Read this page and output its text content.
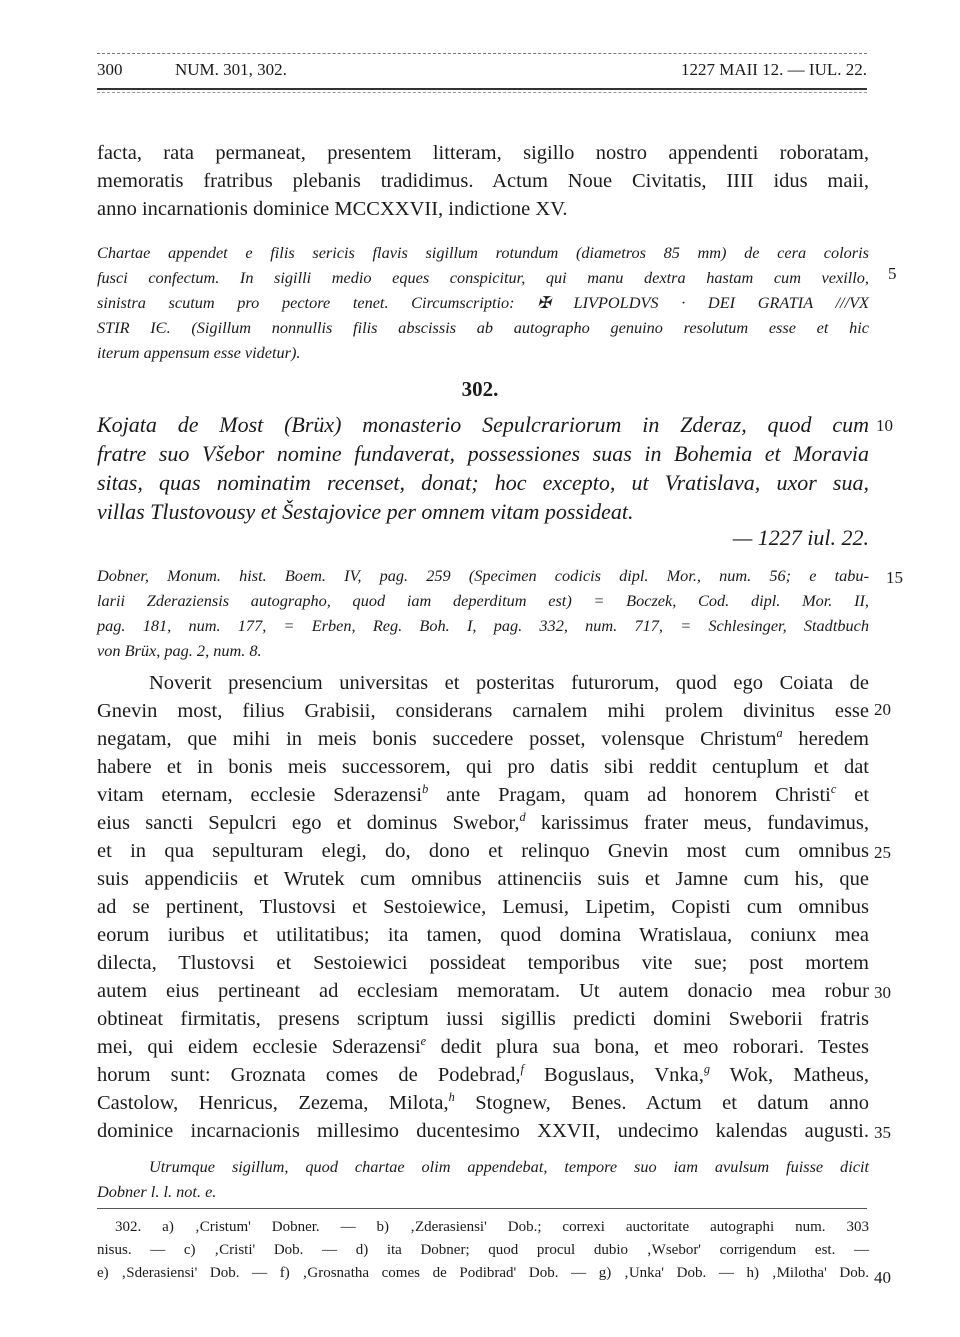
300	NUM. 301, 302.	1227 MAII 12. — IUL. 22.
facta, rata permaneat, presentem litteram, sigillo nostro appendenti roboratam,
memoratis fratribus plebanis tradidimus. Actum Noue Civitatis, IIII idus maii,
anno incarnationis dominice MCCXXVII, indictione XV.
Chartae appendet e filis sericis flavis sigillum rotundum (diametros 85 mm) de cera coloris
fusci confectum. In sigilli medio eques conspicitur, qui manu dextra hastam cum vexillo,
sinistra scutum pro pectore tenet. Circumscriptio: ✠ LIVPOLDVS · DEI GRATIA ///VX
STIR IЄ. (Sigillum nonnullis filis abscissis ab autographo genuino resolutum esse et hic
iterum appensum esse videtur).
302.
Kojata de Most (Brüx) monasterio Sepulcrariorum in Zderaz, quod cum
fratre suo Všebor nomine fundaverat, possessiones suas in Bohemia et Moravia
sitas, quas nominatim recenset, donat; hoc excepto, ut Vratislava, uxor sua,
villas Tlustovousy et Šestajovice per omnem vitam possideat.
— 1227 iul. 22.
Dobner, Monum. hist. Boem. IV, pag. 259 (Specimen codicis dipl. Mor., num. 56; e tabu-
larii Zderaziensis autographo, quod iam deperditum est) = Boczek, Cod. dipl. Mor. II,
pag. 181, num. 177, = Erben, Reg. Boh. I, pag. 332, num. 717, = Schlesinger, Stadtbuch
von Brüx, pag. 2, num. 8.
Noverit presencium universitas et posteritas futurorum, quod ego Coiata de
Gnevin most, filius Grabisii, considerans carnalem mihi prolem divinitus esse
negatam, que mihi in meis bonis succedere posset, volensque Christum$^a$ heredem
habere et in bonis meis successorem, qui pro datis sibi reddit centuplum et dat
vitam eternam, ecclesie Sderazensi$^b$ ante Pragam, quam ad honorem Christi$^c$ et
eius sancti Sepulcri ego et dominus Swebor,$^d$ karissimus frater meus, fundavimus,
et in qua sepulturam elegi, do, dono et relinquo Gnevin most cum omnibus
suis appendiciis et Wrutek cum omnibus attinenciis suis et Jamne cum his, que
ad se pertinent, Tlustovsi et Sestoiewice, Lemusi, Lipetim, Copisti cum omnibus
eorum iuribus et utilitatibus; ita tamen, quod domina Wratislaua, coniunx mea
dilecta, Tlustovsi et Sestoiewici possideat temporibus vite sue; post mortem
autem eius pertineant ad ecclesiam memoratam. Ut autem donacio mea robur
obtineat firmitatis, presens scriptum iussi sigillis predicti domini Sweborii fratris
mei, qui eidem ecclesie Sderazensi$^e$ dedit plura sua bona, et meo roborari. Testes
horum sunt: Groznata comes de Podebrad,$^f$ Boguslaus, Vnka,$^g$ Wok, Matheus,
Castolow, Henricus, Zezema, Milota,$^h$ Stognew, Benes. Actum et datum anno
dominice incarnacionis millesimo ducentesimo XXVII, undecimo kalendas augusti.
Utrumque sigillum, quod chartae olim appendebat, tempore suo iam avulsum fuisse dicit
Dobner l. l. not. e.
302. a) ‚Cristum' Dobner. — b) ‚Zderasiensi' Dob.; correxi auctoritate autographi num. 303
nisus. — c) ‚Cristi' Dob. — d) ita Dobner; quod procul dubio ‚Wsebor' corrigendum est. —
e) ‚Sderasiensi' Dob. — f) ‚Grosnatha comes de Podibrad' Dob. — g) ‚Unka' Dob. — h) ‚Milotha' Dob.
5
10
15
20
25
30
35
40
